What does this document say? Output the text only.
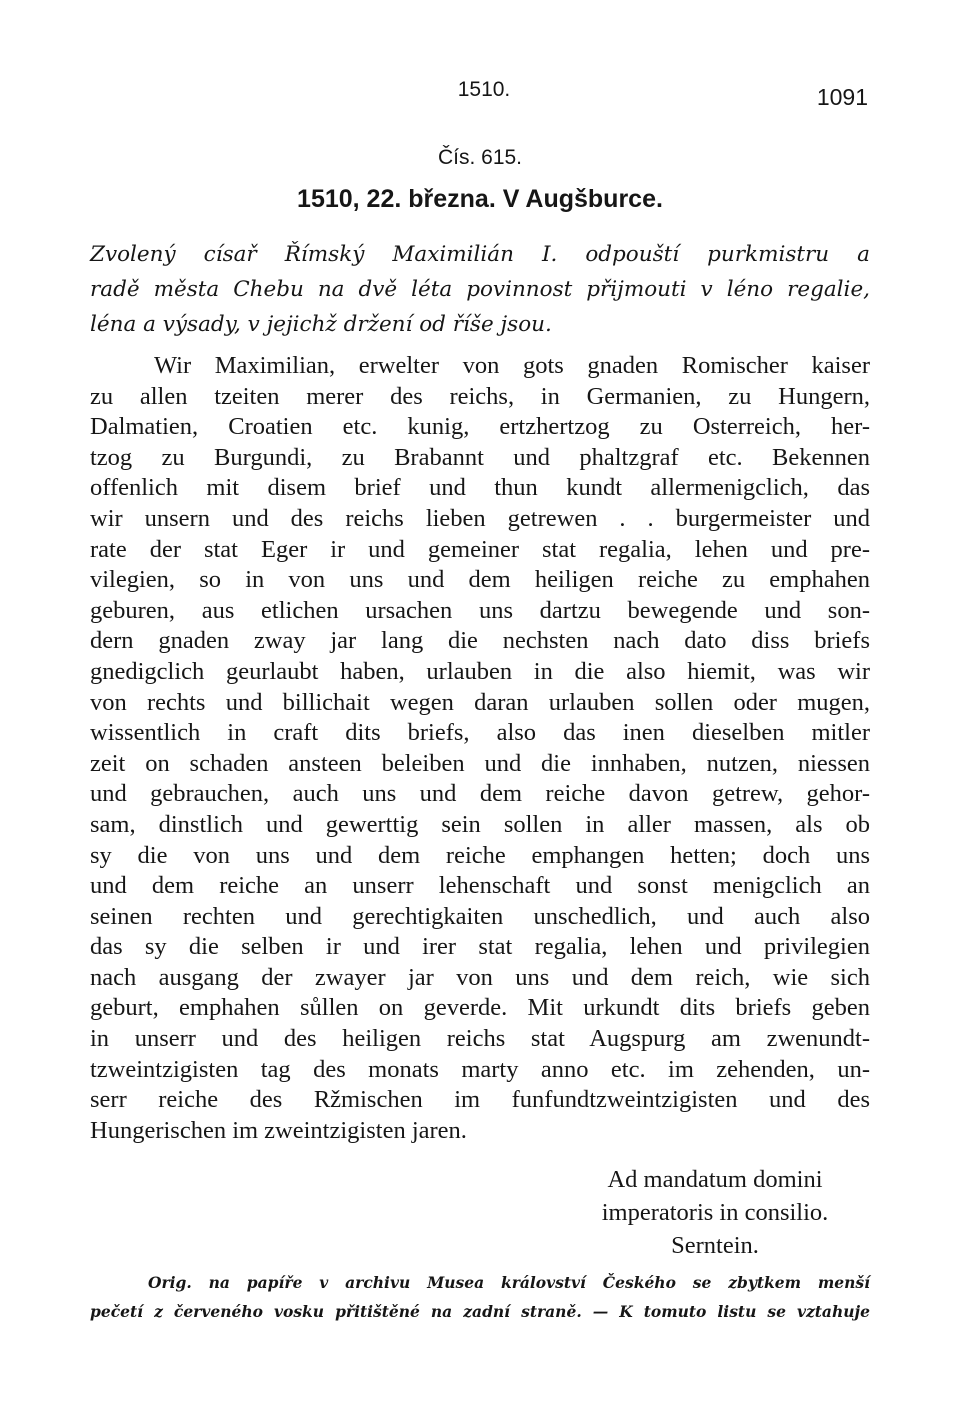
1510.	1091
Čís. 615.
1510, 22. března. V Augšburce.
Zvolený císař Římský Maximilián I. odpouští purkmistru a
radě města Chebu na dvě léta povinnost přijmouti v léno regalie,
léna a výsady, v jejichž držení od říše jsou.
Wir Maximilian, erwelter von gots gnaden Romischer kaiser
zu allen tzeiten merer des reichs, in Germanien, zu Hungern,
Dalmatien, Croatien etc. kunig, ertzhertzog zu Osterreich, her-
tzog zu Burgundi, zu Brabannt und phaltzgraf etc. Bekennen
offenlich mit disem brief und thun kundt allermenigclich, das
wir unsern und des reichs lieben getrewen . . burgermeister und
rate der stat Eger ir und gemeiner stat regalia, lehen und pre-
vilegien, so in von uns und dem heiligen reiche zu emphahen
geburen, aus etlichen ursachen uns dartzu bewegende und son-
dern gnaden zway jar lang die nechsten nach dato diss briefs
gnedigclich geurlaubt haben, urlauben in die also hiemit, was wir
von rechts und billichait wegen daran urlauben sollen oder mugen,
wissentlich in craft dits briefs, also das inen dieselben mitler
zeit on schaden ansteen beleiben und die innhaben, nutzen, niessen
und gebrauchen, auch uns und dem reiche davon getrew, gehor-
sam, dinstlich und gewerttig sein sollen in aller massen, als ob
sy die von uns und dem reiche emphangen hetten; doch uns
und dem reiche an unserr lehenschaft und sonst menigclich an
seinen rechten und gerechtigkaiten unschedlich, und auch also
das sy die selben ir und irer stat regalia, lehen und privilegien
nach ausgang der zwayer jar von uns und dem reich, wie sich
geburt, emphahen sůllen on geverde. Mit urkundt dits briefs geben
in unserr und des heiligen reichs stat Augspurg am zwenundt-
tzweintzigisten tag des monats marty anno etc. im zehenden, un-
serr reiche des Ržmischen im funfundtzweintzigisten und des
Hungerischen im zweintzigisten jaren.
Ad mandatum domini
imperatoris in consilio.
Serntein.
Orig. na papíře v archivu Musea království Českého se zbytkem menší
pečetí z červeného vosku přitištěné na zadní straně. — K tomuto listu se vztahuje
